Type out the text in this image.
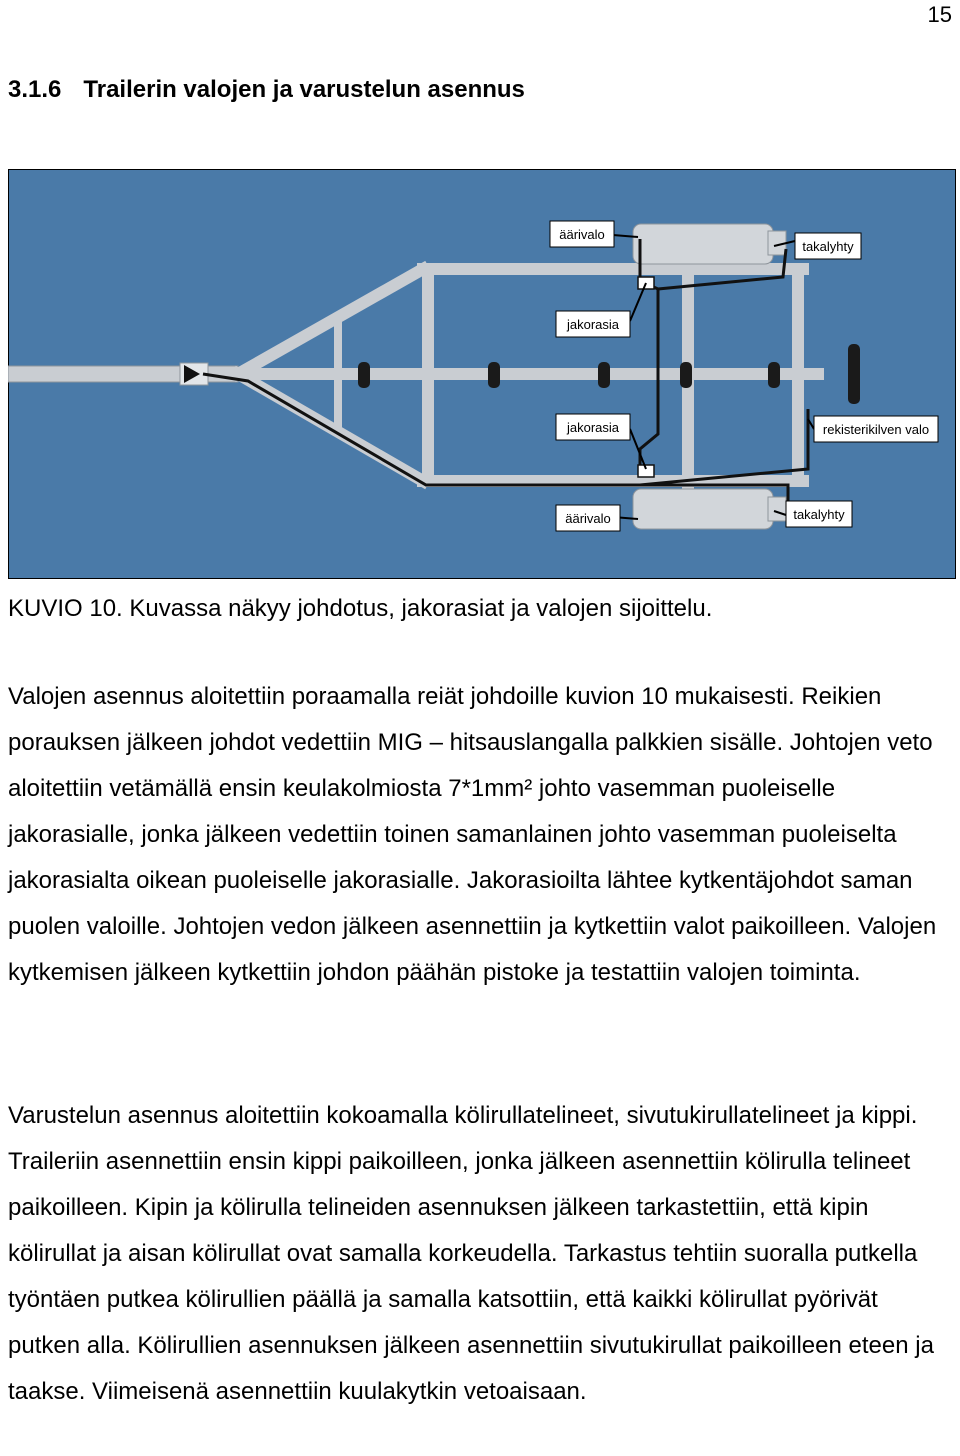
15
3.1.6 Trailerin valojen ja varustelun asennus
äärivalo
takalyhty
jakorasia
jakorasia	rekisterikilven valo
äärivalo	takalyhty

KUVIO 10. Kuvassa näkyy johdotus, jakorasiat ja valojen sijoittelu.

Valojen asennus aloitettiin poraamalla reiät johdoille kuvion 10 mukaisesti. Reikien porauksen jälkeen johdot vedettiin MIG – hitsauslangalla palkkien sisälle. Johtojen veto aloitettiin vetämällä ensin keulakolmiosta 7*1mm² johto vasemman puoleiselle jakorasialle, jonka jälkeen vedettiin toinen samanlainen johto vasemman puoleiselta jakorasialta oikean puoleiselle jakorasialle. Jakorasioilta lähtee kytkentäjohdot saman puolen valoille. Johtojen vedon jälkeen asennettiin ja kytkettiin valot paikoilleen. Valojen kytkemisen jälkeen kytkettiin johdon päähän pistoke ja testattiin valojen toiminta.

Varustelun asennus aloitettiin kokoamalla kölirullatelineet, sivutukirullatelineet ja kippi. Traileriin asennettiin ensin kippi paikoilleen, jonka jälkeen asennettiin kölirulla telineet paikoilleen. Kipin ja kölirulla telineiden asennuksen jälkeen tarkastettiin, että kipin kölirullat ja aisan kölirullat ovat samalla korkeudella. Tarkastus tehtiin suoralla putkella työntäen putkea kölirullien päällä ja samalla katsottiin, että kaikki kölirullat pyörivät putken alla. Kölirullien asennuksen jälkeen asennettiin sivutukirullat paikoilleen eteen ja taakse. Viimeisenä asennettiin kuulakytkin vetoaisaan.
